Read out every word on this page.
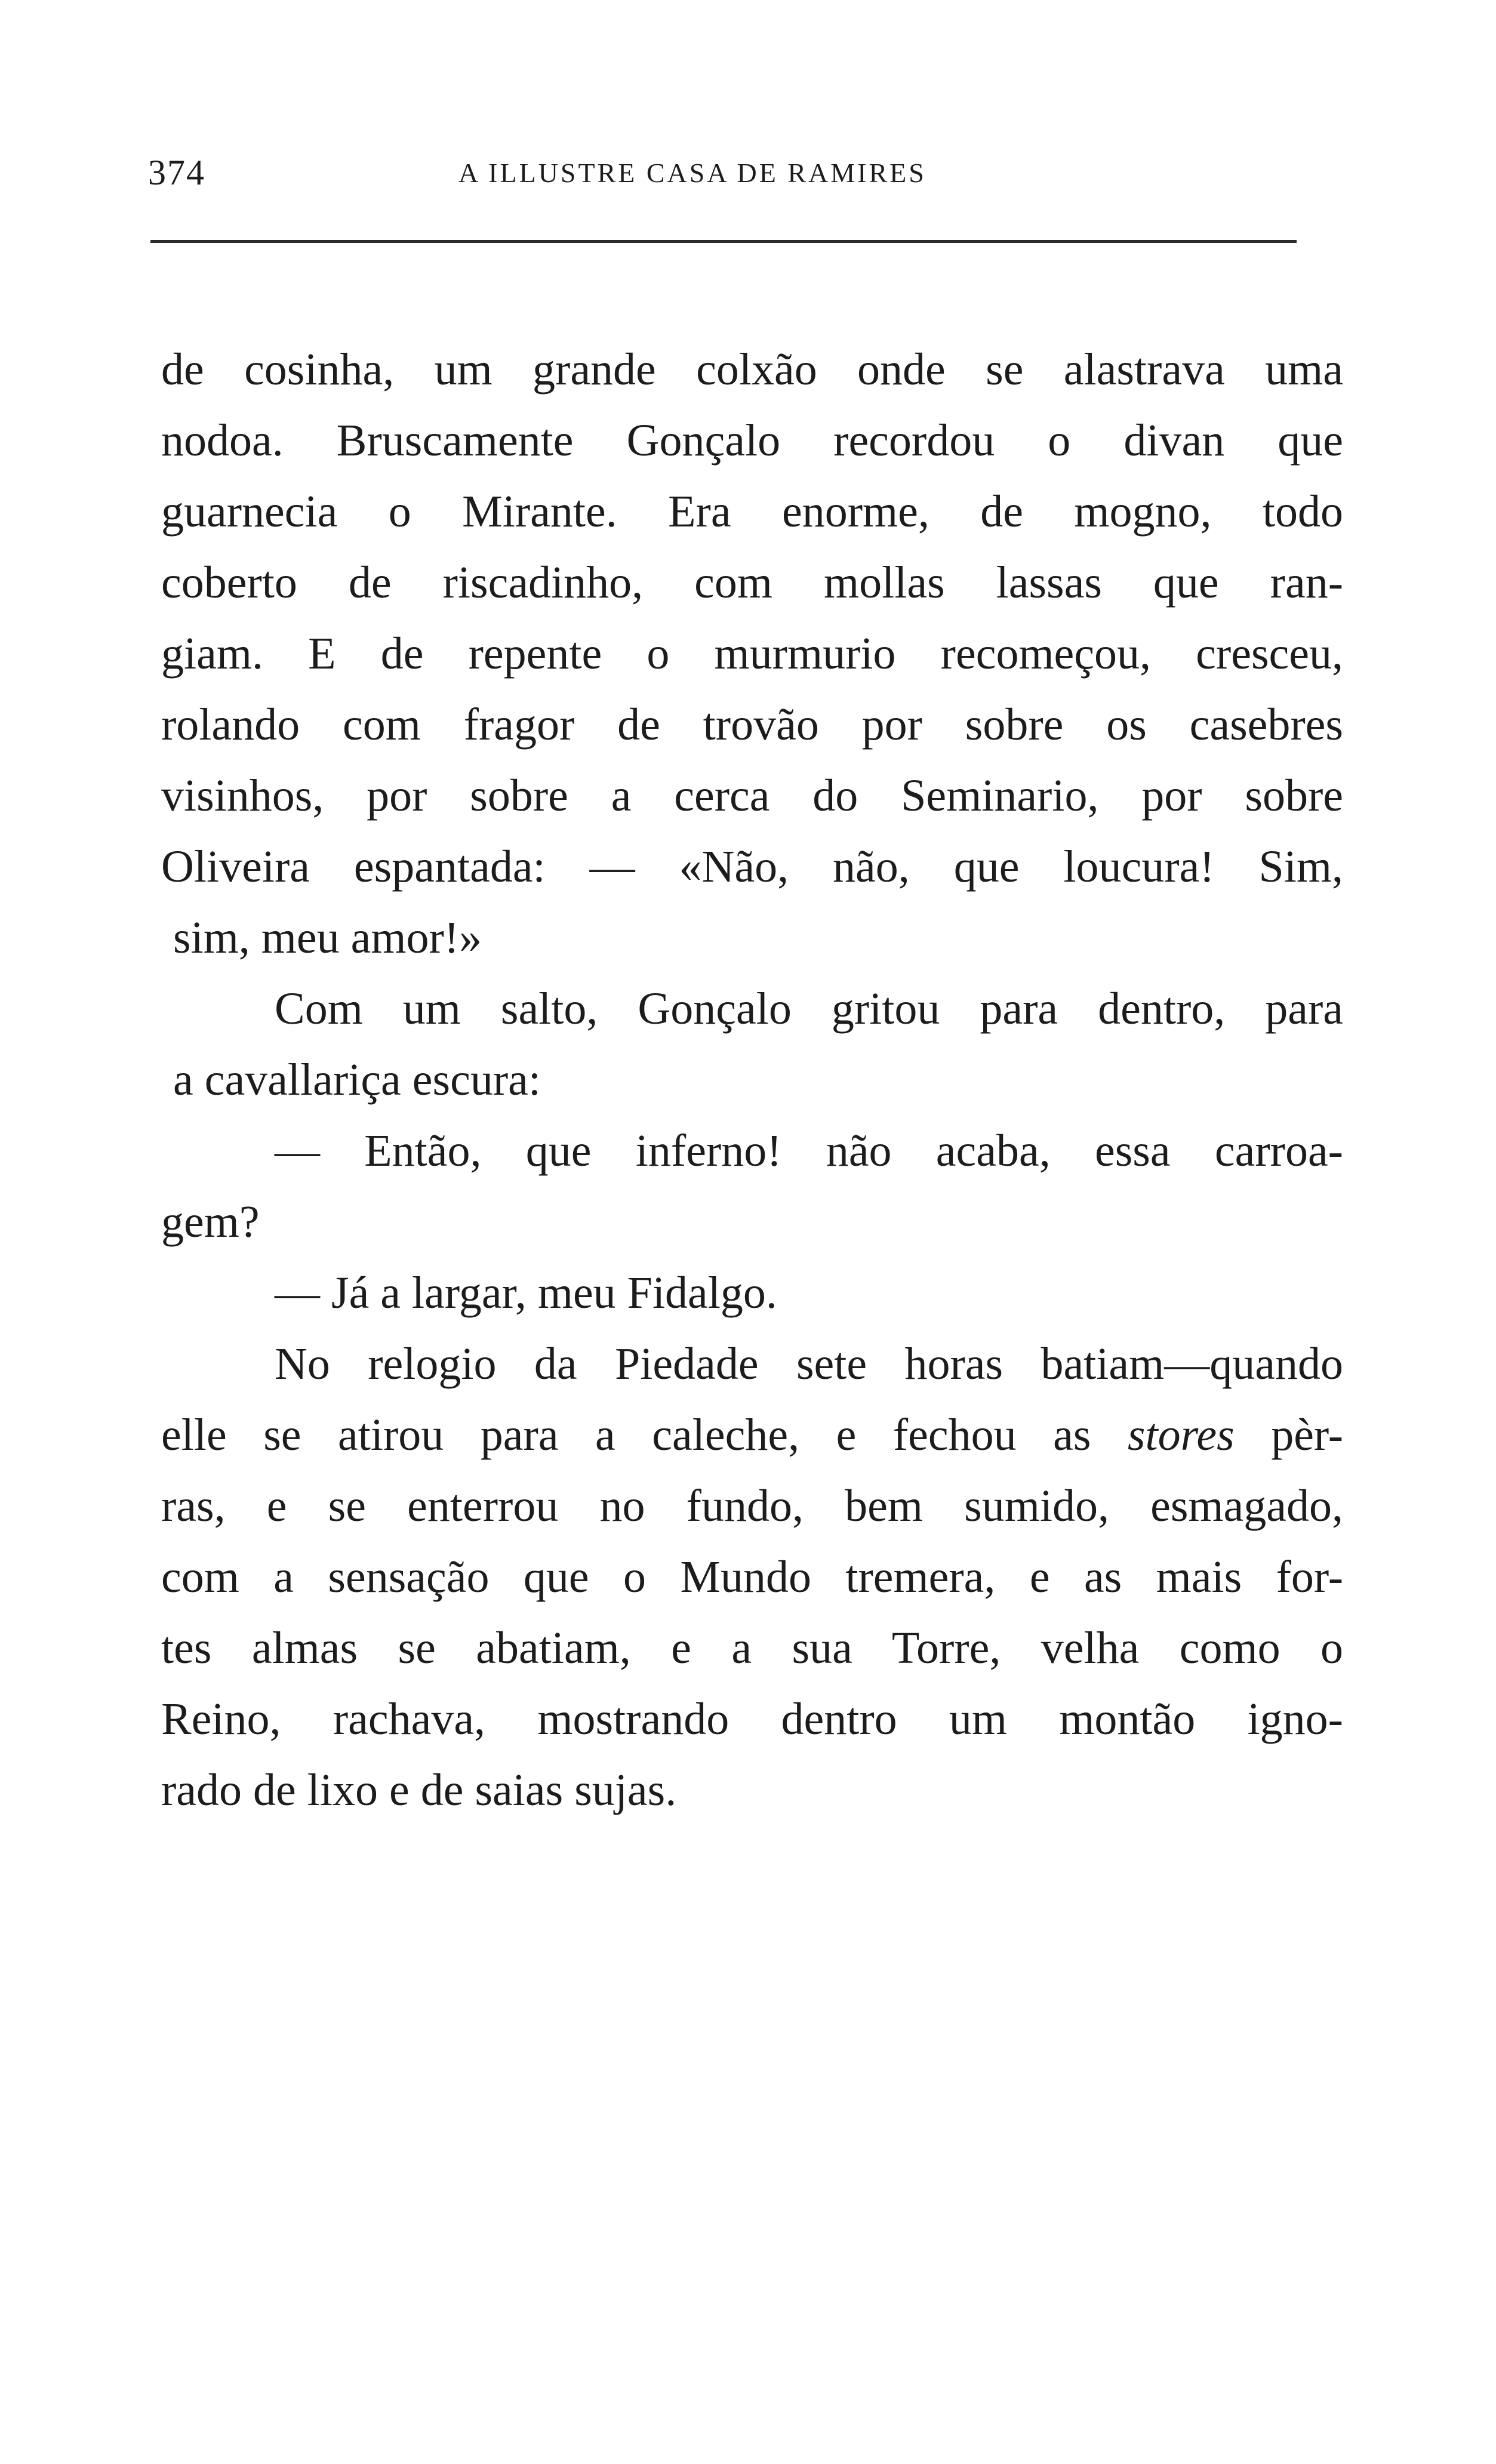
374	A ILLUSTRE CASA DE RAMIRES
de cosinha, um grande colxão onde se alastrava uma
nodoa. Bruscamente Gonçalo recordou o divan que
guarnecia o Mirante. Era enorme, de mogno, todo
coberto de riscadinho, com mollas lassas que ran-
giam. E de repente o murmurio recomeçou, cresceu,
rolando com fragor de trovão por sobre os casebres
visinhos, por sobre a cerca do Seminario, por sobre
Oliveira espantada: — «Não, não, que loucura! Sim,
sim, meu amor!»
Com um salto, Gonçalo gritou para dentro, para
a cavallariça escura:
— Então, que inferno! não acaba, essa carroa-
gem?
— Já a largar, meu Fidalgo.
No relogio da Piedade sete horas batiam—quando
elle se atirou para a caleche, e fechou as stores pèr-
ras, e se enterrou no fundo, bem sumido, esmagado,
com a sensação que o Mundo tremera, e as mais for-
tes almas se abatiam, e a sua Torre, velha como o
Reino, rachava, mostrando dentro um montão igno-
rado de lixo e de saias sujas.
